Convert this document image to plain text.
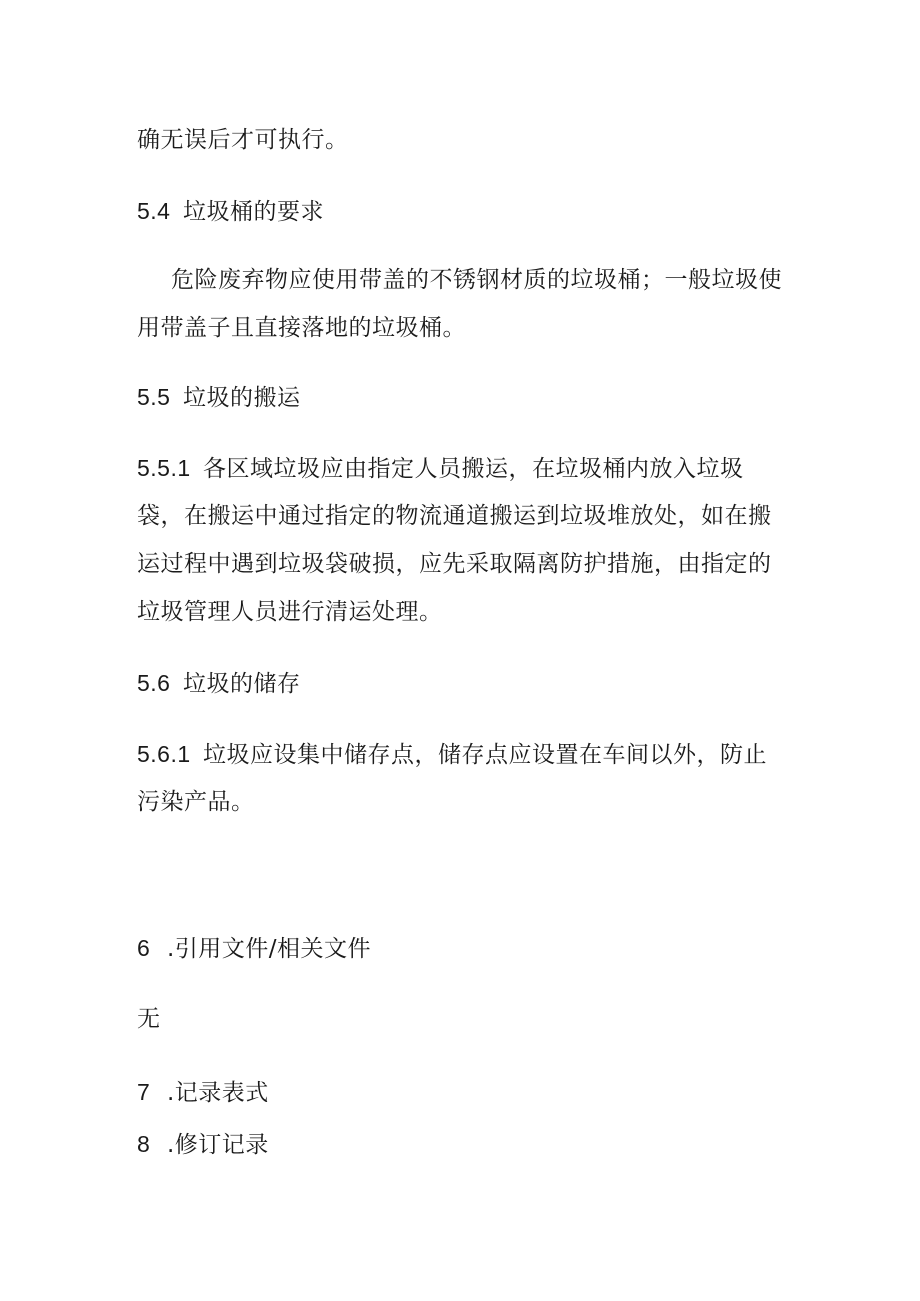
确无误后才可执行。
5.4 垃圾桶的要求
危险废弃物应使用带盖的不锈钢材质的垃圾桶；一般垃圾使
用带盖子且直接落地的垃圾桶。
5.5 垃圾的搬运
5.5.1 各区域垃圾应由指定人员搬运，在垃圾桶内放入垃圾
袋，在搬运中通过指定的物流通道搬运到垃圾堆放处，如在搬
运过程中遇到垃圾袋破损，应先采取隔离防护措施，由指定的
垃圾管理人员进行清运处理。
5.6 垃圾的储存
5.6.1 垃圾应设集中储存点，储存点应设置在车间以外，防止
污染产品。
6 .引用文件/相关文件
无
7 .记录表式
8 .修订记录
